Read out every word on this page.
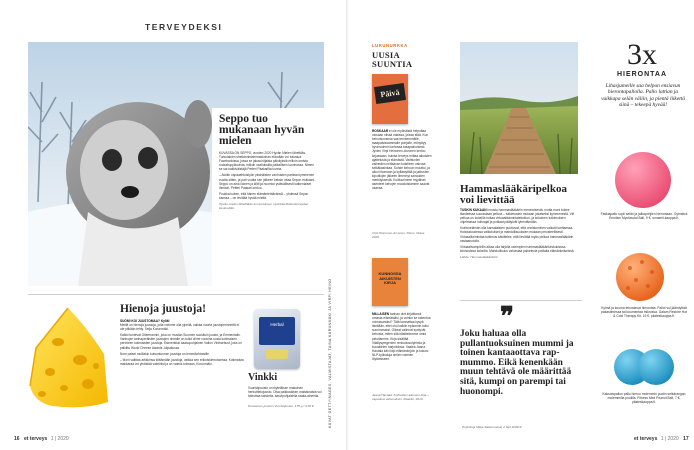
TERVEYDEKSI
Seppo tuo mukanaan hyvän mielen
KUVASSA ON SEPPO, vuoden 2020 Hyvän Mielen lähettiläs. Turkulainen shetlanninlammaskoiran elämään voi tutustua Facebookissa, jossa se jakaa hiljaisia päivityksiä milloin omista ruokakuppikuvista, milloin vaelluksilta paikallisen luonnossa. Nimen se sai nakkiväistäjä Petteri Paakarilta kunna.
– Aloitin vapaaehtoistyön yksinäisten vanhusten parissa kymmenen vuotta sitten, ja pari vuotta sen jälkeen keksin ottaa Sepon mukaani. Seppo on aina iloinen ja kiltti ja huomioi ystävällisesti kaikenlaiset ihmiset, Petteri Paakari kertoo.
Poukka kokee, että hänen elämäntehtävänsä – yhdessä Sepon kanssa – on levittää hyvää mieltä.
Hyvän mielen lähettilään tunnustuksen myöntää Mielenterveyden keskusliitto.
Hienoja juustoja!
SUOMI KOI JUUSTOMAA? Kyllä!
Meillä on hienoja juustoja, joita voimme olla ylpeitä, vaikka nuorta juustoperinnettä ei ole pitkään tehty. Seija Kurunmäki.
Kaikki tuntevat Oltermannin, joka on mustan Suomen suosituin juusto, ja Emmentalin. Vanhojen tarinaperäisten juustojen rinnalle on tullut viime vuosina uusia kotimaisen perinteen kotimaisten juustoja. Esimerkiksi kaasupohjainen Valion Vintharbust, joka on palkittu World Cheese Awards -kilpailussa.
Nom paisei muillakin kutsuntunnen juustoja on lemmikohtaisille.
– Moni valittaa artikkinsa kiittämään juustoja, vaikka sen erikoiskierroksessa. Kotimaista makkaraa voi yhdistää valmiiksi ja on valmis toimaan, Kurunmäki.
Herbal
Vinkki
Vuorisitpuusto on tiiyteläisen makuinen herkutttelujuusto. Oisa paikkauksen maissinaisia voi toteuttaa kahdella, kasvipohjaisella raaka-aineella.
Kuusamon juuston Vuoristijuusto, 175 g / 4,30 €.	KUVAT GETTYIMAGES, VALMISTAJAT, TAINA KURUNMÄKI JA VIRPI HEINO
16 et terveys 1 | 2020
LUKUNURKKA
UUSIA SUUNTIA
Päivä
ROSKAAR ei ole myöhäistä helpottaa olosaan niissä nakissa, joissa elää. Kun kehonkuvansa saa terveemmälle, taaapaisissammalle pohjalle, miinyttyy hyvinvoinnin kehossa tasapainoisesti. Jyvien Virpi Heinonen-Arvonen kertoo kirjassaan, kuinka terveys mittaa aikuisten ajattelusta ja elämästä. Vaihtuvien vaiheiden mittaavan todelleen vahvaa selkäkasinkaa. Suhde kehoon muuttui, ja aikoi lihomaan ja kyllästyttää ja jatkuvien kiputilojen jälkeen ilmennyt sairauden merkityksestä. Kulttuurimme myyttiset asenteet kehojen muodoistamme saavat osansa.
Virpi Heinonen-Arvonen: Paino. Otava 2020.
KUNNOSSA AIKUISTEN KIRJA
MILLAISEN tarinan olet kirjoittanut omasta elämästäsi, ja voinko se rakentua voimavaraksi? Tätä kannattaa kysyä itseltään, ettei oloi kaikiin epäonnin tulisi suurimmaksi. Oikeat valinnat syntyvät kehosta, miten sitä käsittelemme omia peloitamme. Kirja sisältää Vitaliysymgenien rentoutusohjelmia ja kuvakielen harjoituksia. Vaalea Jaana Hautala kävi läpi elämänkirjoin ja kokosi NLP-työkaluja omien voimien löytämiseen.
Jaana Hautala: Kohteiden aikuisen kirja – vapautua vahvuuksiin. Reaktio, 2019.
Hammaslääkäripelkoa voi lievittää
TUSKIN KUKAAN innostu hammaslääkäriin menemisestä, mutta moni kokee tilanteessa suorastaan pelkoa – tutkimusten mukaan jokaiseksi kymmenestä. Viri pelkoa on kokeilla hoitaa virtuaalitoimintateknikon, ja kokoinen tutkimuksen ohjelmassa hoitoajat ja potilaat päätyivät lyhentämään.
Kuelunelämän olla kansalaisten puuttuvat, että onnistuminen vaikutti tuettaessa. Hoitotaloudessa vaikutukset ja mahdollisuuksien mukaan perusteellisesti. Virtuaalitoimintaa tutkimus käsittelee, että lievittää myös pelkoa hammaslääkärin vastaanotolla.
Virtuaalivampiirilin alkaa olla tarjolla useimpien hammaslääkärikeskuksissa kiinnostava kokeilla. Mahdollisuus vahvistaa palvelevia potilaita elämänkriiseissä.
Lähde: Hammaslääkärilehti
❞
Joku haluaa olla pullantuoksuinen mummi ja toinen kantaaottava rap-mummo. Eikä kenenkään muun tehtävä ole määrittää sitä, kumpi on parempi tai huonompi.
Psykologi Maija Sakenmetsä, 2 Syö 6/2019
3x
HIERONTAA
Lihasjumeille saa helpon ensiavun hierontapallolla. Pallo lattian ja vaikkapa selän väliin, ja pientä liikettä siinä – tekeepä hyvää!
Faskiapallo sopii selän ja jalkapohjien hierontaan. Gymstick Emotion Myofascial Ball, 9 €, omaseli-kauppa.fi.
Kylmä ja kuuma tehostavat hierontaa. Pallot voi jäähdyttää pakastimessa tai kuumentaa mikrossa. Gaiam Restore Hot & Cold Therapy Kit, 19 €, pilateskauppa.fi.
Kaksoispallon pallo hieroo molemmin puolin selkärangan molemmilla puolilla. Fitness Med Peanut Ball, 7 €, pilateskauppa.fi.
et terveys 1 | 2020 17
